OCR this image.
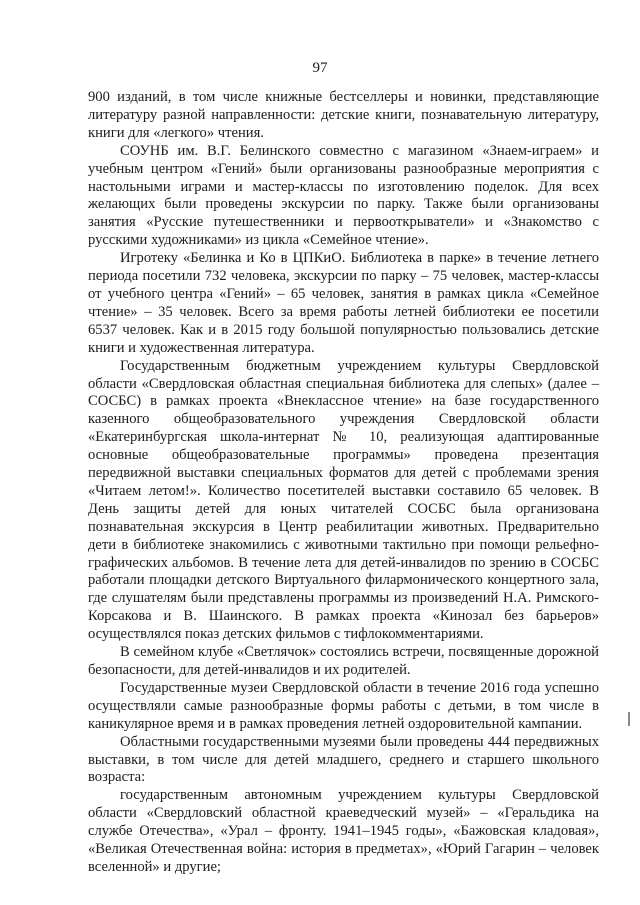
97

900 изданий, в том числе книжные бестселлеры и новинки, представляющие литературу разной направленности: детские книги, познавательную литературу, книги для «легкого» чтения.

СОУНБ им. В.Г. Белинского совместно с магазином «Знаем-играем» и учебным центром «Гений» были организованы разнообразные мероприятия с настольными играми и мастер-классы по изготовлению поделок. Для всех желающих были проведены экскурсии по парку. Также были организованы занятия «Русские путешественники и первооткрыватели» и «Знакомство с русскими художниками» из цикла «Семейное чтение».

Игротеку «Белинка и Ко в ЦПКиО. Библиотека в парке» в течение летнего периода посетили 732 человека, экскурсии по парку – 75 человек, мастер-классы от учебного центра «Гений» – 65 человек, занятия в рамках цикла «Семейное чтение» – 35 человек. Всего за время работы летней библиотеки ее посетили 6537 человек. Как и в 2015 году большой популярностью пользовались детские книги и художественная литература.

Государственным бюджетным учреждением культуры Свердловской области «Свердловская областная специальная библиотека для слепых» (далее – СОСБС) в рамках проекта «Внеклассное чтение» на базе государственного казенного общеобразовательного учреждения Свердловской области «Екатеринбургская школа-интернат № 10, реализующая адаптированные основные общеобразовательные программы» проведена презентация передвижной выставки специальных форматов для детей с проблемами зрения «Читаем летом!». Количество посетителей выставки составило 65 человек. В День защиты детей для юных читателей СОСБС была организована познавательная экскурсия в Центр реабилитации животных. Предварительно дети в библиотеке знакомились с животными тактильно при помощи рельефно-графических альбомов. В течение лета для детей-инвалидов по зрению в СОСБС работали площадки детского Виртуального филармонического концертного зала, где слушателям были представлены программы из произведений Н.А. Римского-Корсакова и В. Шаинского. В рамках проекта «Кинозал без барьеров» осуществлялся показ детских фильмов с тифлокомментариями.

В семейном клубе «Светлячок» состоялись встречи, посвященные дорожной безопасности, для детей-инвалидов и их родителей.

Государственные музеи Свердловской области в течение 2016 года успешно осуществляли самые разнообразные формы работы с детьми, в том числе в каникулярное время и в рамках проведения летней оздоровительной кампании.

Областными государственными музеями были проведены 444 передвижных выставки, в том числе для детей младшего, среднего и старшего школьного возраста:

государственным автономным учреждением культуры Свердловской области «Свердловский областной краеведческий музей» – «Геральдика на службе Отечества», «Урал – фронту. 1941–1945 годы», «Бажовская кладовая», «Великая Отечественная война: история в предметах», «Юрий Гагарин – человек вселенной» и другие;
